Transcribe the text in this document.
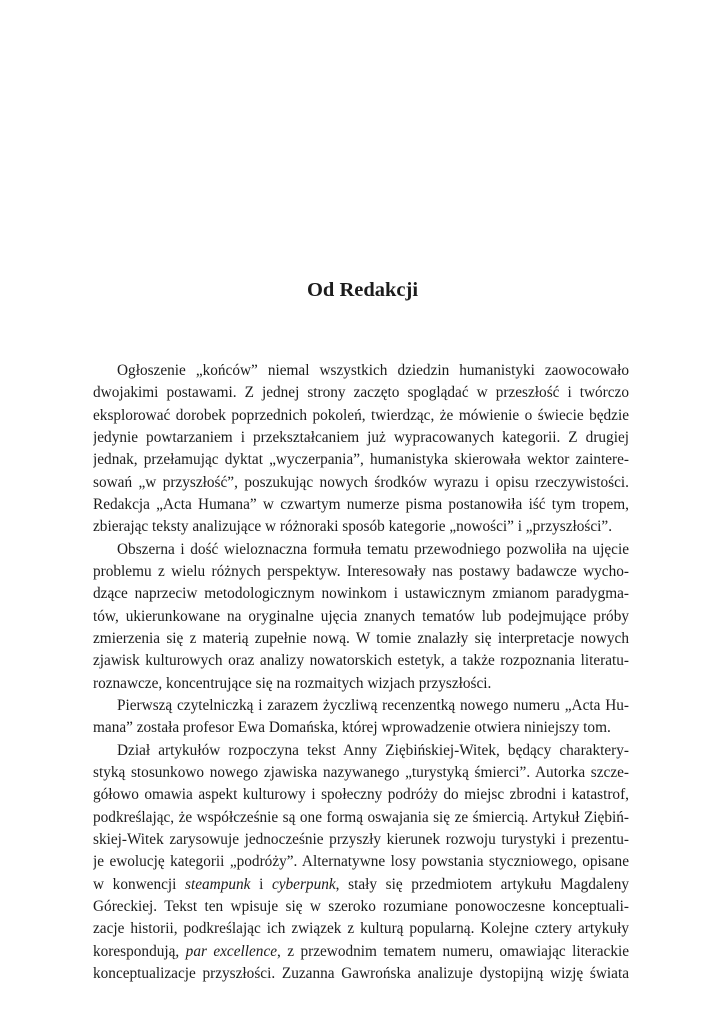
Od Redakcji
Ogłoszenie „końców” niemal wszystkich dziedzin humanistyki zaowocowało
dwojakimi postawami. Z jednej strony zaczęto spoglądać w przeszłość i twórczo
eksplorować dorobek poprzednich pokoleń, twierdząc, że mówienie o świecie będzie
jedynie powtarzaniem i przekształcaniem już wypracowanych kategorii. Z drugiej
jednak, przełamując dyktat „wyczerpania”, humanistyka skierowała wektor zaintere-
sowań „w przyszłość”, poszukując nowych środków wyrazu i opisu rzeczywistości.
Redakcja „Acta Humana” w czwartym numerze pisma postanowiła iść tym tropem,
zbierając teksty analizujące w różnoraki sposób kategorie „nowości” i „przyszłości”.
Obszerna i dość wieloznaczna formuła tematu przewodniego pozwoliła na ujęcie
problemu z wielu różnych perspektyw. Interesowały nas postawy badawcze wycho-
dzące naprzeciw metodologicznym nowinkom i ustawicznym zmianom paradygma-
tów, ukierunkowane na oryginalne ujęcia znanych tematów lub podejmujące próby
zmierzenia się z materią zupełnie nową. W tomie znalazły się interpretacje nowych
zjawisk kulturowych oraz analizy nowatorskich estetyk, a także rozpoznania literatu-
roznawcze, koncentrujące się na rozmaitych wizjach przyszłości.
Pierwszą czytelniczką i zarazem życzliwą recenzentką nowego numeru „Acta Hu-
mana” została profesor Ewa Domańska, której wprowadzenie otwiera niniejszy tom.
Dział artykułów rozpoczyna tekst Anny Ziębińskiej-Witek, będący charaktery-
styką stosunkowo nowego zjawiska nazywanego „turystyką śmierci”. Autorka szcze-
gółowo omawia aspekt kulturowy i społeczny podróży do miejsc zbrodni i katastrof,
podkreślając, że współcześnie są one formą oswajania się ze śmiercią. Artykuł Ziębiń-
skiej-Witek zarysowuje jednocześnie przyszły kierunek rozwoju turystyki i prezentu-
je ewolucję kategorii „podróży”. Alternatywne losy powstania styczniowego, opisane
w konwencji steampunk i cyberpunk, stały się przedmiotem artykułu Magdaleny
Góreckiej. Tekst ten wpisuje się w szeroko rozumiane ponowoczesne konceptuali-
zacje historii, podkreślając ich związek z kulturą popularną. Kolejne cztery artykuły
korespondują, par excellence, z przewodnim tematem numeru, omawiając literackie
konceptualizacje przyszłości. Zuzanna Gawrońska analizuje dystopijną wizję świata
